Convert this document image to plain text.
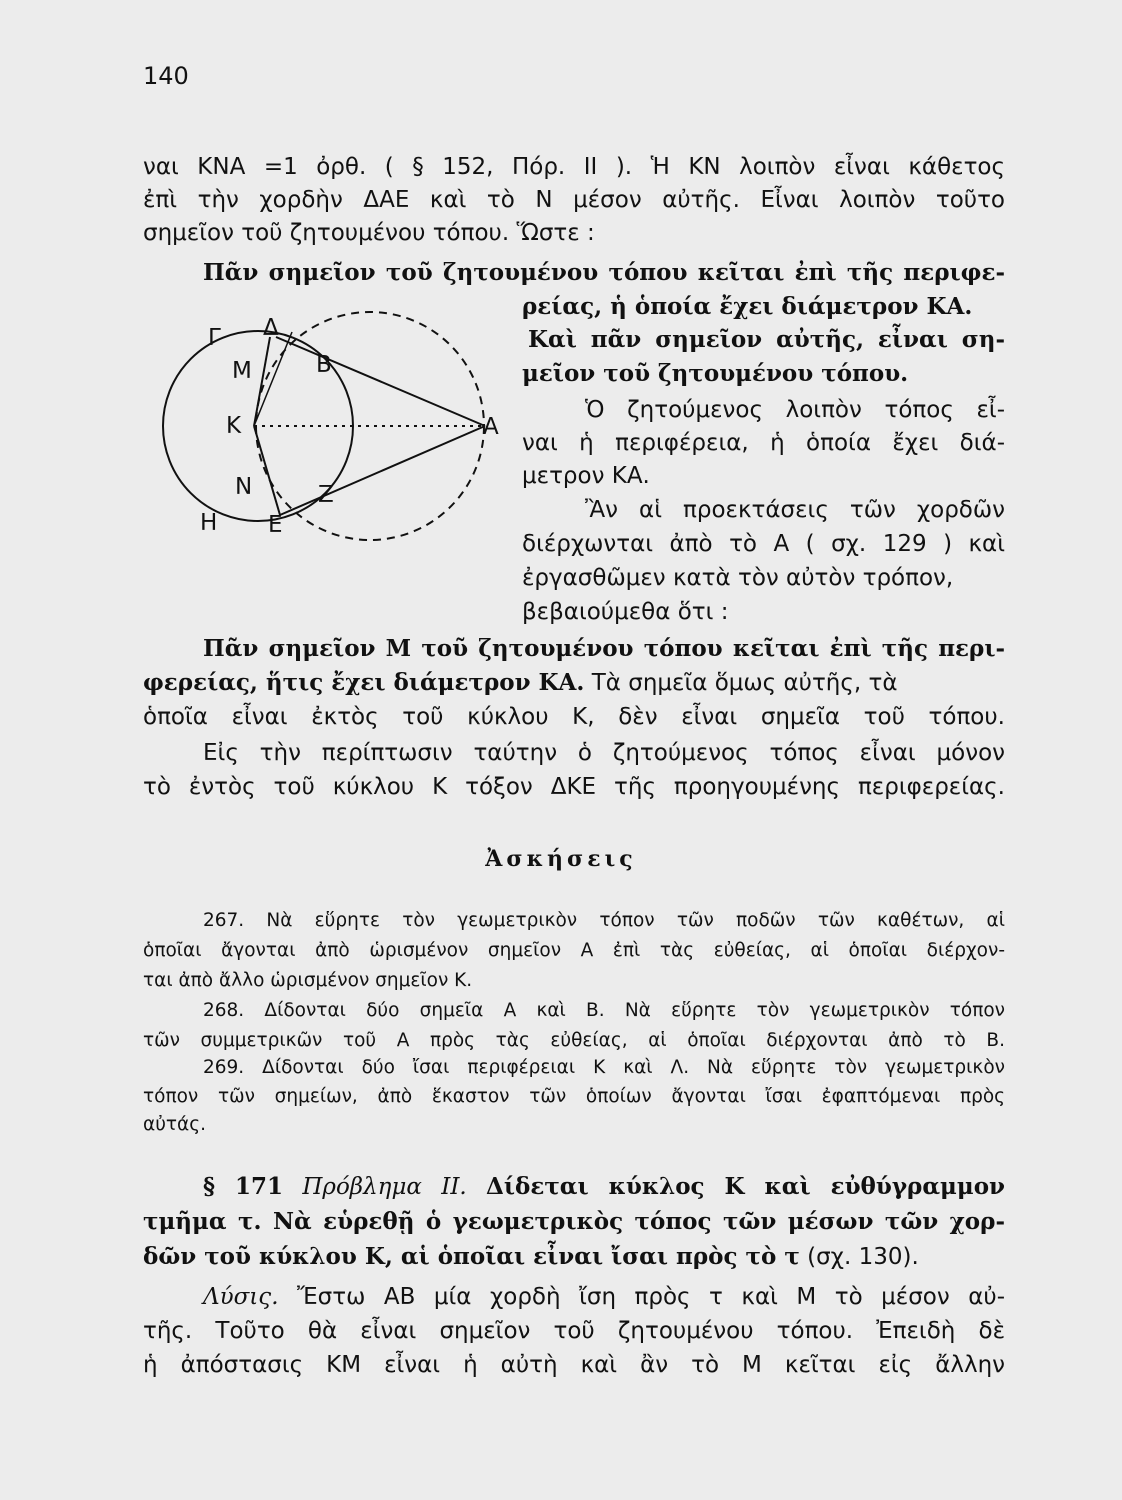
140
ναι ΚΝΑ =1 ὀρθ. ( § 152, Πόρ. II ). Ἡ ΚΝ λοιπὸν εἶναι κάθετος
ἐπὶ τὴν χορδὴν ΔΑΕ καὶ τὸ Ν μέσον αὐτῆς. Εἶναι λοιπὸν τοῦτο
σημεῖον τοῦ ζητουμένου τόπου. Ὥστε :
Πᾶν σημεῖον τοῦ ζητουμένου τόπου κεῖται ἐπὶ τῆς περιφε-
ρείας, ἡ ὁποία ἔχει διάμετρον ΚΑ.
Καὶ πᾶν σημεῖον αὐτῆς, εἶναι ση-
μεῖον τοῦ ζητουμένου τόπου.
Ὁ ζητούμενος λοιπὸν τόπος εἶ-
ναι ἡ περιφέρεια, ἡ ὁποία ἔχει διά-
μετρον ΚΑ.
Ἂν αἱ προεκτάσεις τῶν χορδῶν
διέρχωνται ἀπὸ τὸ Α ( σχ. 129 ) καὶ
ἐργασθῶμεν κατὰ τὸν αὐτὸν τρόπον,
βεβαιούμεθα ὅτι :
Πᾶν σημεῖον Μ τοῦ ζητουμένου τόπου κεῖται ἐπὶ τῆς περι-
φερείας, ἥτις ἔχει διάμετρον ΚΑ. Τὰ σημεῖα ὅμως αὐτῆς, τὰ
ὁποῖα εἶναι ἐκτὸς τοῦ κύκλου Κ, δὲν εἶναι σημεῖα τοῦ τόπου.
Εἰς τὴν περίπτωσιν ταύτην ὁ ζητούμενος τόπος εἶναι μόνον
τὸ ἐντὸς τοῦ κύκλου Κ τόξον ΔΚΕ τῆς προηγουμένης περιφερείας.
Ἀσκήσεις
267. Νὰ εὕρητε τὸν γεωμετρικὸν τόπον τῶν ποδῶν τῶν καθέτων, αἱ
ὁποῖαι ἄγονται ἀπὸ ὡρισμένον σημεῖον Α ἐπὶ τὰς εὐθείας, αἱ ὁποῖαι διέρχον-
ται ἀπὸ ἄλλο ὡρισμένον σημεῖον Κ.
268. Δίδονται δύο σημεῖα Α καὶ Β. Νὰ εὕρητε τὸν γεωμετρικὸν τόπον
τῶν συμμετρικῶν τοῦ Α πρὸς τὰς εὐθείας, αἱ ὁποῖαι διέρχονται ἀπὸ τὸ Β.
269. Δίδονται δύο ἴσαι περιφέρειαι Κ καὶ Λ. Νὰ εὕρητε τὸν γεωμετρικὸν
τόπον τῶν σημείων, ἀπὸ ἕκαστον τῶν ὁποίων ἄγονται ἴσαι ἐφαπτόμεναι πρὸς
αὐτάς.
§ 171 Πρόβλημα ΙΙ. Δίδεται κύκλος Κ καὶ εὐθύγραμμον
τμῆμα τ. Νὰ εὑρεθῇ ὁ γεωμετρικὸς τόπος τῶν μέσων τῶν χορ-
δῶν τοῦ κύκλου Κ, αἱ ὁποῖαι εἶναι ἴσαι πρὸς τὸ τ (σχ. 130).
Λύσις. Ἔστω ΑΒ μία χορδὴ ἴση πρὸς τ καὶ Μ τὸ μέσον αὐ-
τῆς. Τοῦτο θὰ εἶναι σημεῖον τοῦ ζητουμένου τόπου. Ἐπειδὴ δὲ
ἡ ἀπόστασις ΚΜ εἶναι ἡ αὐτὴ καὶ ἂν τὸ Μ κεῖται εἰς ἄλλην
Γ Δ
Μ	Β
Κ	Α
Ν	Ζ
Η Ε
